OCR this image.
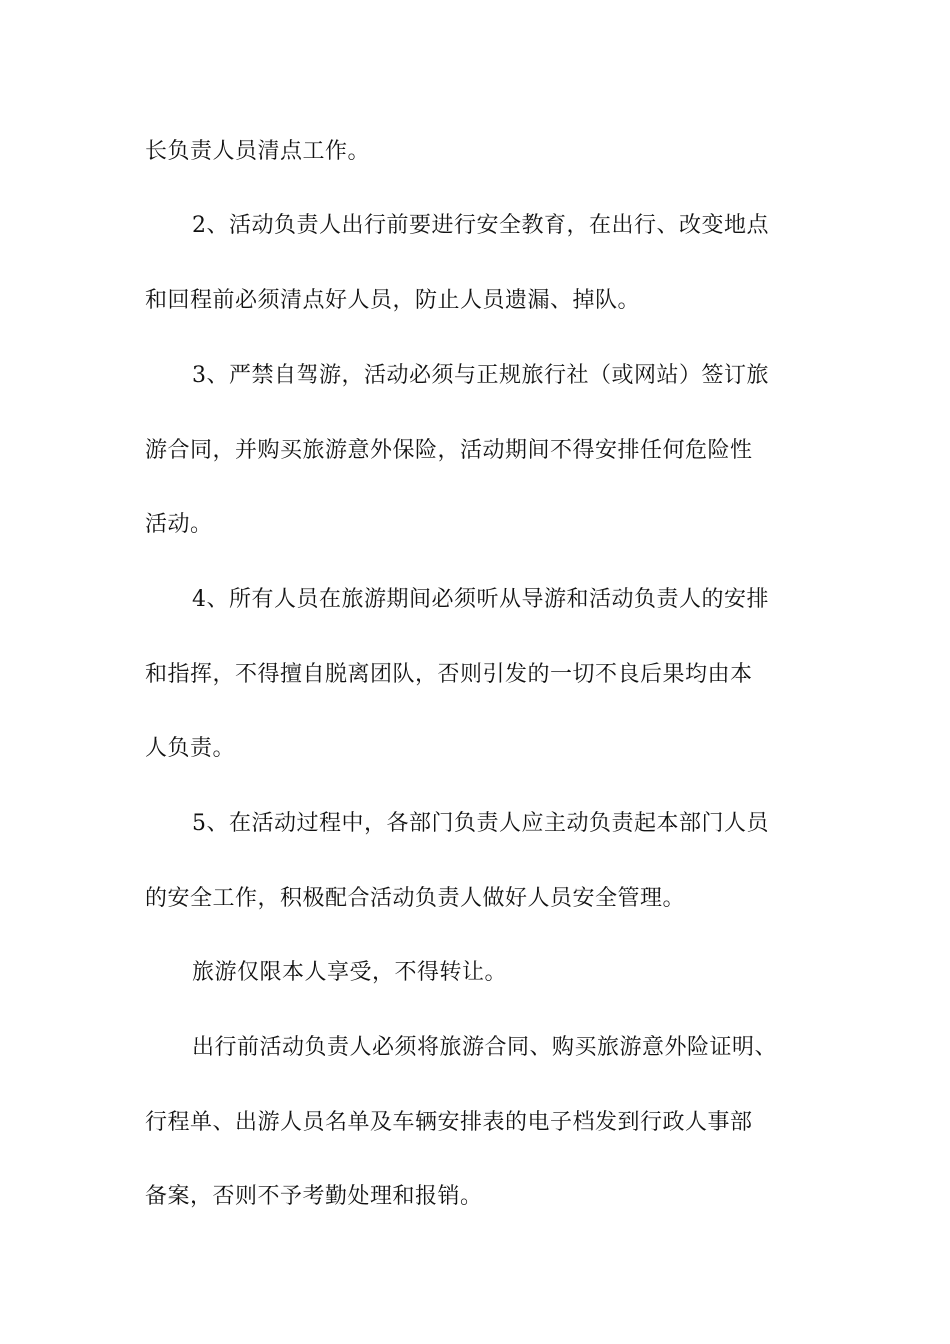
长负责人员清点工作。

2、活动负责人出行前要进行安全教育，在出行、改变地点

和回程前必须清点好人员，防止人员遗漏、掉队。

3、严禁自驾游，活动必须与正规旅行社（或网站）签订旅

游合同，并购买旅游意外保险，活动期间不得安排任何危险性

活动。

4、所有人员在旅游期间必须听从导游和活动负责人的安排

和指挥，不得擅自脱离团队，否则引发的一切不良后果均由本

人负责。

5、在活动过程中，各部门负责人应主动负责起本部门人员

的安全工作，积极配合活动负责人做好人员安全管理。

旅游仅限本人享受，不得转让。

出行前活动负责人必须将旅游合同、购买旅游意外险证明、

行程单、出游人员名单及车辆安排表的电子档发到行政人事部

备案，否则不予考勤处理和报销。
